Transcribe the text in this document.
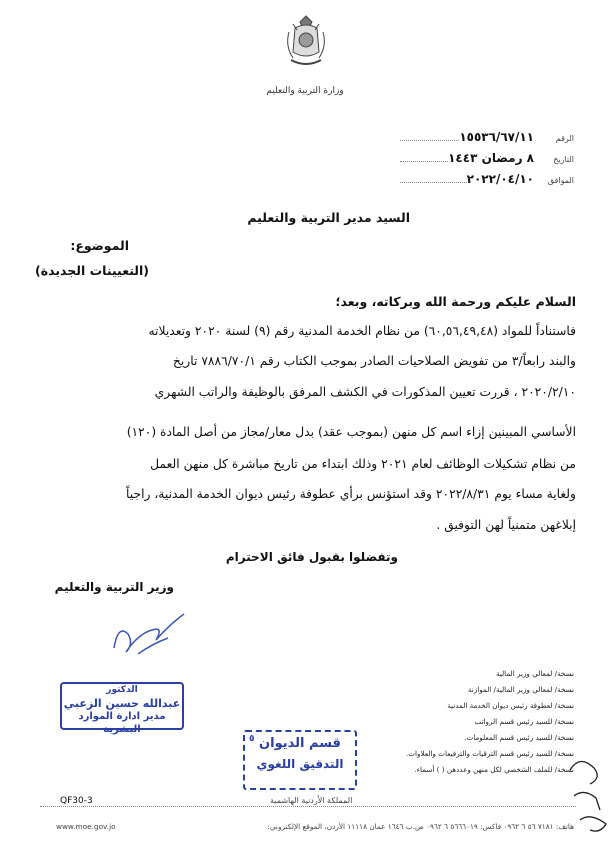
وزارة التربية والتعليم
الرقم
١٥٥٣٦/٦٧/١١
التاريخ
٨ رمضان ١٤٤٣
الموافق
٢٠٢٢/٠٤/١٠
السيد مدير التربية والتعليم
الموضوع:
(التعيينات الجديدة)
السلام عليكم ورحمة الله وبركاته، وبعد؛
فاستناداً للمواد (٦٠,٥٦,٤٩,٤٨) من نظام الخدمة المدنية رقم (٩) لسنة ٢٠٢٠ وتعديلاته
والبند رابعاً/٣ من تفويض الصلاحيات الصادر بموجب الكتاب رقم ٧٨٨٦/٧٠/١ تاريخ
٢٠٢٠/٢/١٠ ، قررت تعيين المذكورات في الكشف المرفق بالوظيفة والراتب الشهري
الأساسي المبينين إزاء اسم كل منهن (بموجب عقد) بدل معار/مجاز من أصل المادة (١٢٠)
من نظام تشكيلات الوظائف لعام ٢٠٢١ وذلك ابتداء من تاريخ مباشرة كل منهن العمل
ولغاية مساء يوم ٢٠٢٢/٨/٣١ وقد استؤنس برأي عطوفة رئيس ديوان الخدمة المدنية، راجياً
إبلاغهن متمنياً لهن التوفيق .
وتفضلوا بقبول فائق الاحترام
وزير التربية والتعليم
نسخة/ لمعالي وزير المالية
نسخة/ لمعالي وزير المالية/ الموازنة
نسخة/ لعطوفة رئيس ديوان الخدمة المدنية
نسخة/ للسيد رئيس قسم الرواتب
نسخة/ للسيد رئيس قسم المعلومات.
نسخة/ للسيد رئيس قسم الترقيات والترفيعات والعلاوات.
نسخة/ للملف الشخصي لكل منهن وعددهن ( ) أسماء.
الدكتور
عبدالله حسين الزعبي
مدير ادارة الموارد البشرية
٥ قسم الديوان
التدقيق اللغوي
QF30-3	المملكة الأردنية الهاشمية
هاتف: ٧١٨١ ٥٦ ٦ ٠٩٦٢ فاكس: ٥٦٦٦٠١٩ ٦ ٠٩٦٢ ص.ب ١٦٤٦ عمان ١١١١٨ الأردن، الموقع الإلكتروني:
www.moe.gov.jo
